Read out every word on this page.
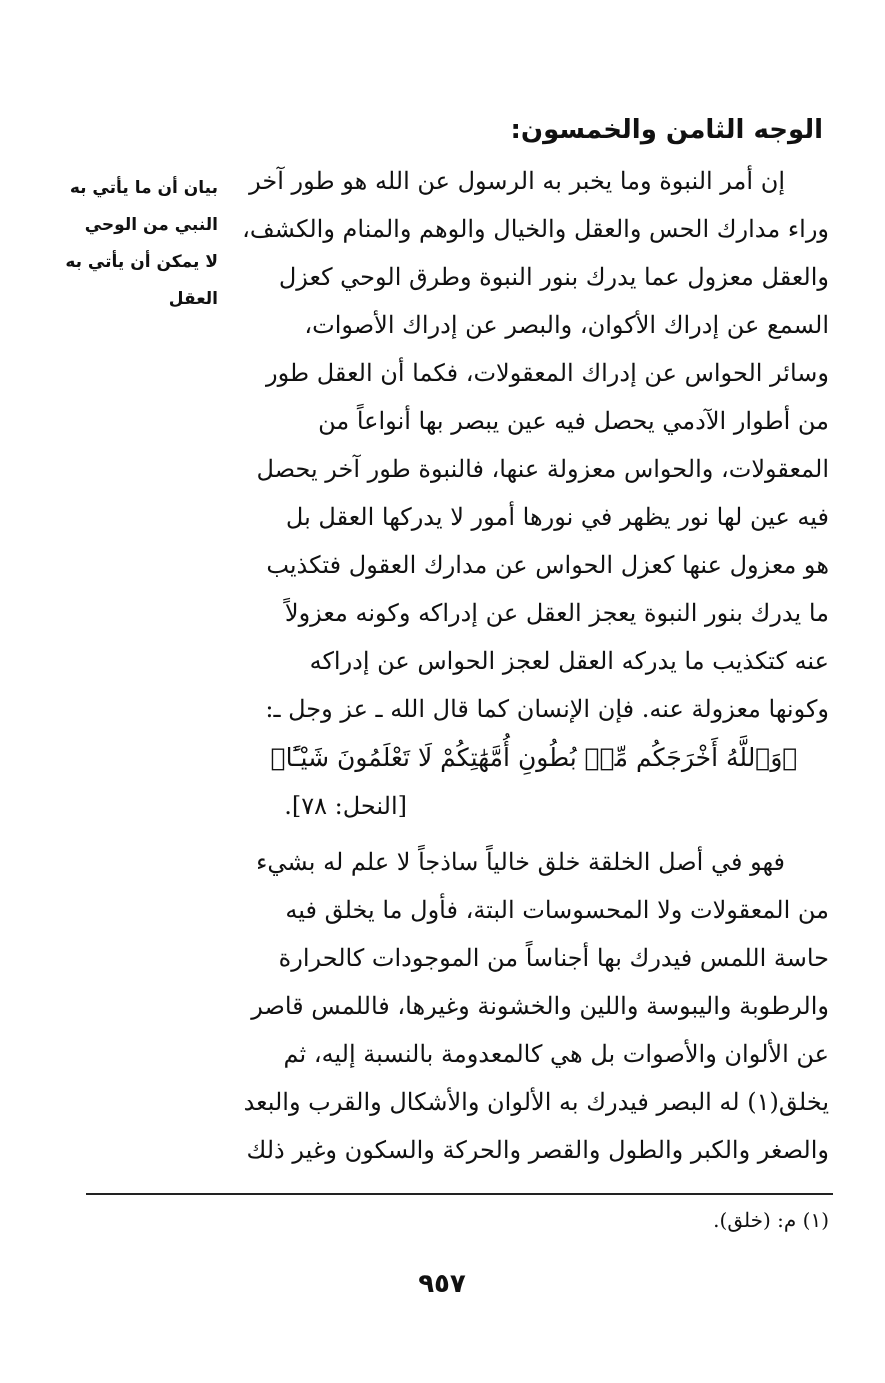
الوجه الثامن والخمسون:
بيان أن ما يأتي به
النبي من الوحي
لا يمكن أن يأتي به
العقل
إن أمر النبوة وما يخبر به الرسول عن الله هو طور آخر
وراء مدارك الحس والعقل والخيال والوهم والمنام والكشف،
والعقل معزول عما يدرك بنور النبوة وطرق الوحي كعزل
السمع عن إدراك الأكوان، والبصر عن إدراك الأصوات،
وسائر الحواس عن إدراك المعقولات، فكما أن العقل طور
من أطوار الآدمي يحصل فيه عين يبصر بها أنواعاً من
المعقولات، والحواس معزولة عنها، فالنبوة طور آخر يحصل
فيه عين لها نور يظهر في نورها أمور لا يدركها العقل بل
هو معزول عنها كعزل الحواس عن مدارك العقول فتكذيب
ما يدرك بنور النبوة يعجز العقل عن إدراكه وكونه معزولاً
عنه كتكذيب ما يدركه العقل لعجز الحواس عن إدراكه
وكونها معزولة عنه. فإن الإنسان كما قال الله ـ عز وجل ـ:
﴿وَٱللَّهُ أَخْرَجَكُم مِّنۢ بُطُونِ أُمَّهَٰتِكُمْ لَا تَعْلَمُونَ شَيْـًٔا﴾
[النحل: ٧٨].
فهو في أصل الخلقة خلق خالياً ساذجاً لا علم له بشيء
من المعقولات ولا المحسوسات البتة، فأول ما يخلق فيه
حاسة اللمس فيدرك بها أجناساً من الموجودات كالحرارة
والرطوبة واليبوسة واللين والخشونة وغيرها، فاللمس قاصر
عن الألوان والأصوات بل هي كالمعدومة بالنسبة إليه، ثم
يخلق(١) له البصر فيدرك به الألوان والأشكال والقرب والبعد
والصغر والكبر والطول والقصر والحركة والسكون وغير ذلك
(١) م: (خلق).
٩٥٧
